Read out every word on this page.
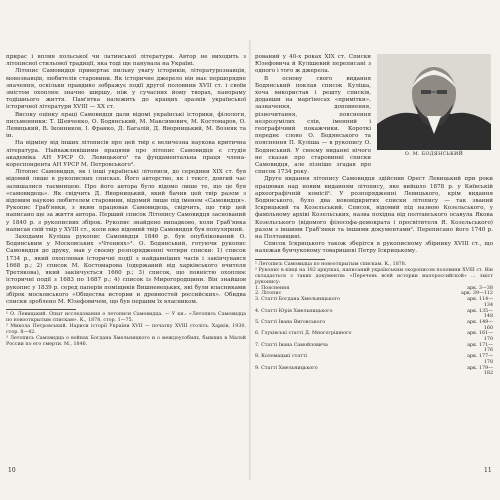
прирас і вплив польської чи латинської літератури. Автор не виходить з літописної стильової традиції, яка тоді ще панувала на Україні.

Літопис Самовидця привертає пильну увагу істориків, літературознавців, мовознавців, любителів старовини. Як історичне джерело він має першорядне значення, оскільки правдиво зображує події другої половини XVII ст. і своїм змістом охоплює значно ширшу, ніж у сучасних йому творах, панораму тодішнього життя. Пам'ятка належить до кращих зразків української історичної літератури XVIII — XX ст.

Високу оцінку праці Самовидця дали відомі українські історики, філологи, письменники: Т. Шевченко, О. Бодянський, М. Максимович, М. Костомаров, О. Левицький, В. Іконников, І. Франко, Д. Багалій, Д. Яворницький, М. Возняк та ін.

На відміну від інших літописів про цей твір є величезна наукова критична література. Найважливішими працями про літопис Самовидця є студія академіка АН УРСР О. Левицького¹ та фундаментальна праця члена-кореспондента АН УРСР М. Петровського².

Літопис Самовидця, як і інші українські літописи, до середини XIX ст. був відомий лише в рукописних списках. Його авторство, як і текст, довгий час залишалися таємницею. Про його автора було відомо лише те, що це був «самовидець». Як свідчить Д. Яворницький, який бачив цей твір разом з відомим наукою любителем старовини, відомий лише під іменем «Самовидця». Рукопис Граб'янки, з яким працював Самовидець, свідчить, що твір цей написано ще за життя автора. Перший список Літопису Самовидця заснований у 1840 р. з рукописних збірок. Рукопис знайдено випадково, коли Граб'янка написав свій твір у XVIII ст., коли вже відомий твір Самовидця був популярний.

Заходами Куліша рукопис Самовидця 1846 р. був опублікований О. Бодянським у Московських «Чтениях»³. О. Бодянський, готуючи рукопис Самовидця до друку, мав у своєму розпорядженні чотири списки: 1) список 1734 р., який охоплював історичні події з найдавніших часів і закінчувався 1668 р.; 2) список М. Костомарова (одержаний від харківського вчителя Третякова), який закінчується 1660 р.; 3) список, що повністю охоплює історичні події з 1683 по 1687 р.; 4) список із Мирогородщини. Він знайшов рукопис у 1839 р. серед паперів поміщиків Вишневецьких, які були власниками збірок московського «Общества истории и древностей российских». Обидва списки зроблено М. Юзефовичем, що був першим їх власником.

¹ О. Левицький. Опыт исследования о летописи Самовидца. — У кн.: «Летопись Самовидца по новооткрытым спискам». К., 1878, стор. 1—75.

² Микола Петровський. Нариси історії України XVII — початку XVIII століть. Харків, 1930, стор. 8—42.

³ Летопись Самовидца о войнах Богдана Хмельницкого и о междоусобиях, бывших в Малой России по его смерти. М., 1846.

10
О. М. БОДЯНСЬКИЙ

рований у 40-х роках XIX ст. Списки Юзефовича й Кулішевий переписані з одного і того ж джерела.

В основу свого видання Бодянський поклав список Куліша, хоча використав і решту списків, додавши на марґінесах «примітки», зазначення, доповнення, різночитання, пояснення незрозумілих слів, іменний і географічний покажчики. Короткі переднє слово О. Бодянського та пояснення П. Куліша — в рукопису О. Бодянський. У своєму виданні нічого не сказав про старовинні списки Самовидця, але пізніше згадав про список 1734 року.

Друге видання літопису Самовидця здійснив Орест Левицький при роки працював над новим виданням літопису, яке вийшло 1878 р. у Київській археографічній комісії¹. У розпорядженні Левицького, крім видання Бодянського, було два нововідкритих списки літопису — так званий Іскрицький та Козельський. Список, відомий під назвою Козельського, у фамільному архіві Козельських, назва похідна від полтавського осавула Якова Козельського (відомого філософа-демократа і просвітителя Я. Козельського) разом з іншими Граб'янки та іншими документами². Переписано його 1740 р. на Полтавщині.

Список Іскрицького також зберігся в рукописному збірнику XVIII ст., що належав бунчуковому товаришеві Петру Іскрицькому.

¹ Летопись Самовидца по новооткрытым спискам. К., 1878.

² Рукопис в кінці на 182 аркушах, написаний українським скорописом половини XVIII ст. Він складається з таких документів: «Перечень всей истории малороссийской» ... зміст рукопису:

1. Пояснення	арк. 3—38
2. Літопис	арк. 39—112
3. Статті Богдана Хмельницького	арк. 114—134
4. Статті Юрія Хмельницького	арк. 135—148
5. Статті Івана Виговського	арк. 149—160
6. Глухівські статті Д. Многогрішного	арк. 161—170
7. Статті Івана Самойловича	арк. 171—176
8. Коломацькі статті	арк. 177—178
9. Статті Хмельницького	арк. 179—182
11
